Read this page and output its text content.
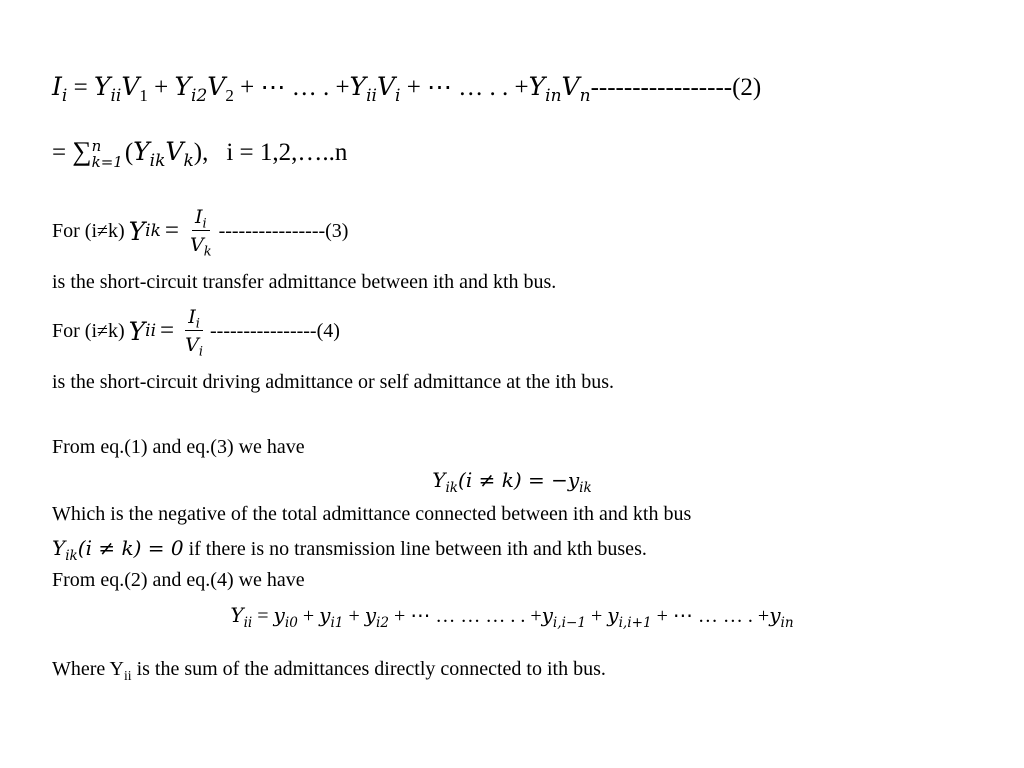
$I_i = Y_{ii}V_1 + Y_{i2}V_2$ + ⋯ … . $+Y_{ii}V_i$ + ⋯ … . . $+Y_{in}V_n-----------------(2)$
= ∑ n
k=1 $(Y_{ik}V_k)$, i = 1,2,…..n
For (i≠k) Y ik = $\frac{I_i}{V_k} ----------------(3)$
is the short-circuit transfer admittance between ith and kth bus.
For (i≠k) Y ii = $\frac{I_i}{V_i} ----------------(4)$
is the short-circuit driving admittance or self admittance at the ith bus.
From eq.(1) and eq.(3) we have
$Y_{ik}(i \ne k) = -y_{ik}$
Which is the negative of the total admittance connected between ith and kth bus
$Y_{ik}(i \ne k) = 0$ if there is no transmission line between ith and kth buses.
From eq.(2) and eq.(4) we have
$Y_{ii} = y_{i0} + y_{i1} + y_{i2}$ + ⋯ … … … . . $+y_{i,i-1} + y_{i,i+1}$ + ⋯ … … . $+y_{in}$
Where $Y_{ii}$ is the sum of the admittances directly connected to ith bus.
